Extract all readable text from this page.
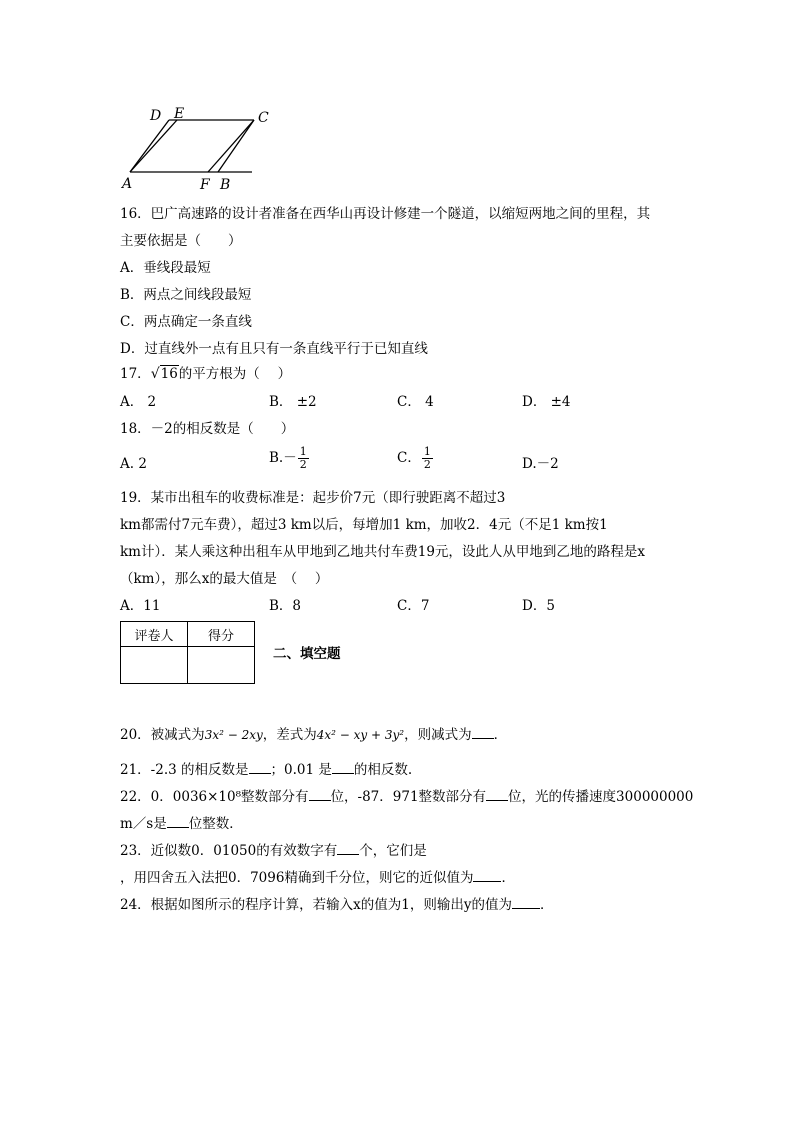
D E	C
A	F B
16．巴广高速路的设计者准备在西华山再设计修建一个隧道，以缩短两地之间的里程，其
主要依据是（　　）
A．垂线段最短
B．两点之间线段最短
C．两点确定一条直线
D．过直线外一点有且只有一条直线平行于已知直线
17．√16的平方根为（　 ）
A． 2	B． ±2	C． 4	D． ±4
18．－2的相反数是（　　）
A. 2	$B.- \frac{1}{2}$	C． $\frac{1}{2}$	D.－2
19．某市出租车的收费标准是：起步价7元（即行驶距离不超过3
km都需付7元车费），超过3 km以后，每增加1 km，加收2．4元（不足1 km按1
km计）．某人乘这种出租车从甲地到乙地共付车费19元，设此人从甲地到乙地的路程是x
（km），那么x的最大值是　（　 ）
A．11	B．8	C．7	D．5
评卷人	得分

二、填空题
20．被减式为3x² − 2xy，差式为4x² − xy + 3y²，则减式为 ．
21．-2.3 的相反数是 ；0.01 是 的相反数.
22．0．0036×10⁸整数部分有 位，-87．971整数部分有 位，光的传播速度300000000
m／s是 位整数．
23．近似数0．01050的有效数字有 个，它们是
，用四舍五入法把0．7096精确到千分位，则它的近似值为 ．
24．根据如图所示的程序计算，若输入x的值为1，则输出y的值为 ．
